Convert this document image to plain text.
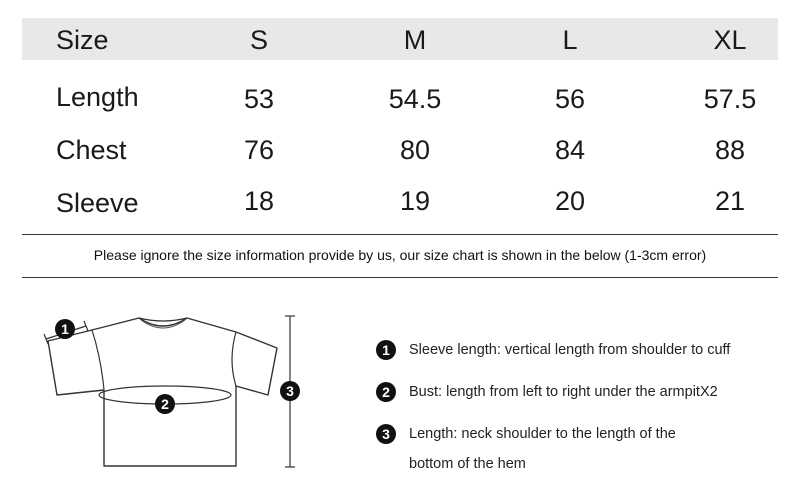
Size	S	M	L	XL
Length	53	54.5	56	57.5
Chest	76	80	84	88
Sleeve	18	19	20	21
Please ignore the size information provide by us, our size chart is shown in the below (1-3cm error)
1
2
3
1	Sleeve length: vertical length from shoulder to cuff
2	Bust: length from left to right under the armpitX2
3	Length: neck shoulder to the length of the bottom of the hem
